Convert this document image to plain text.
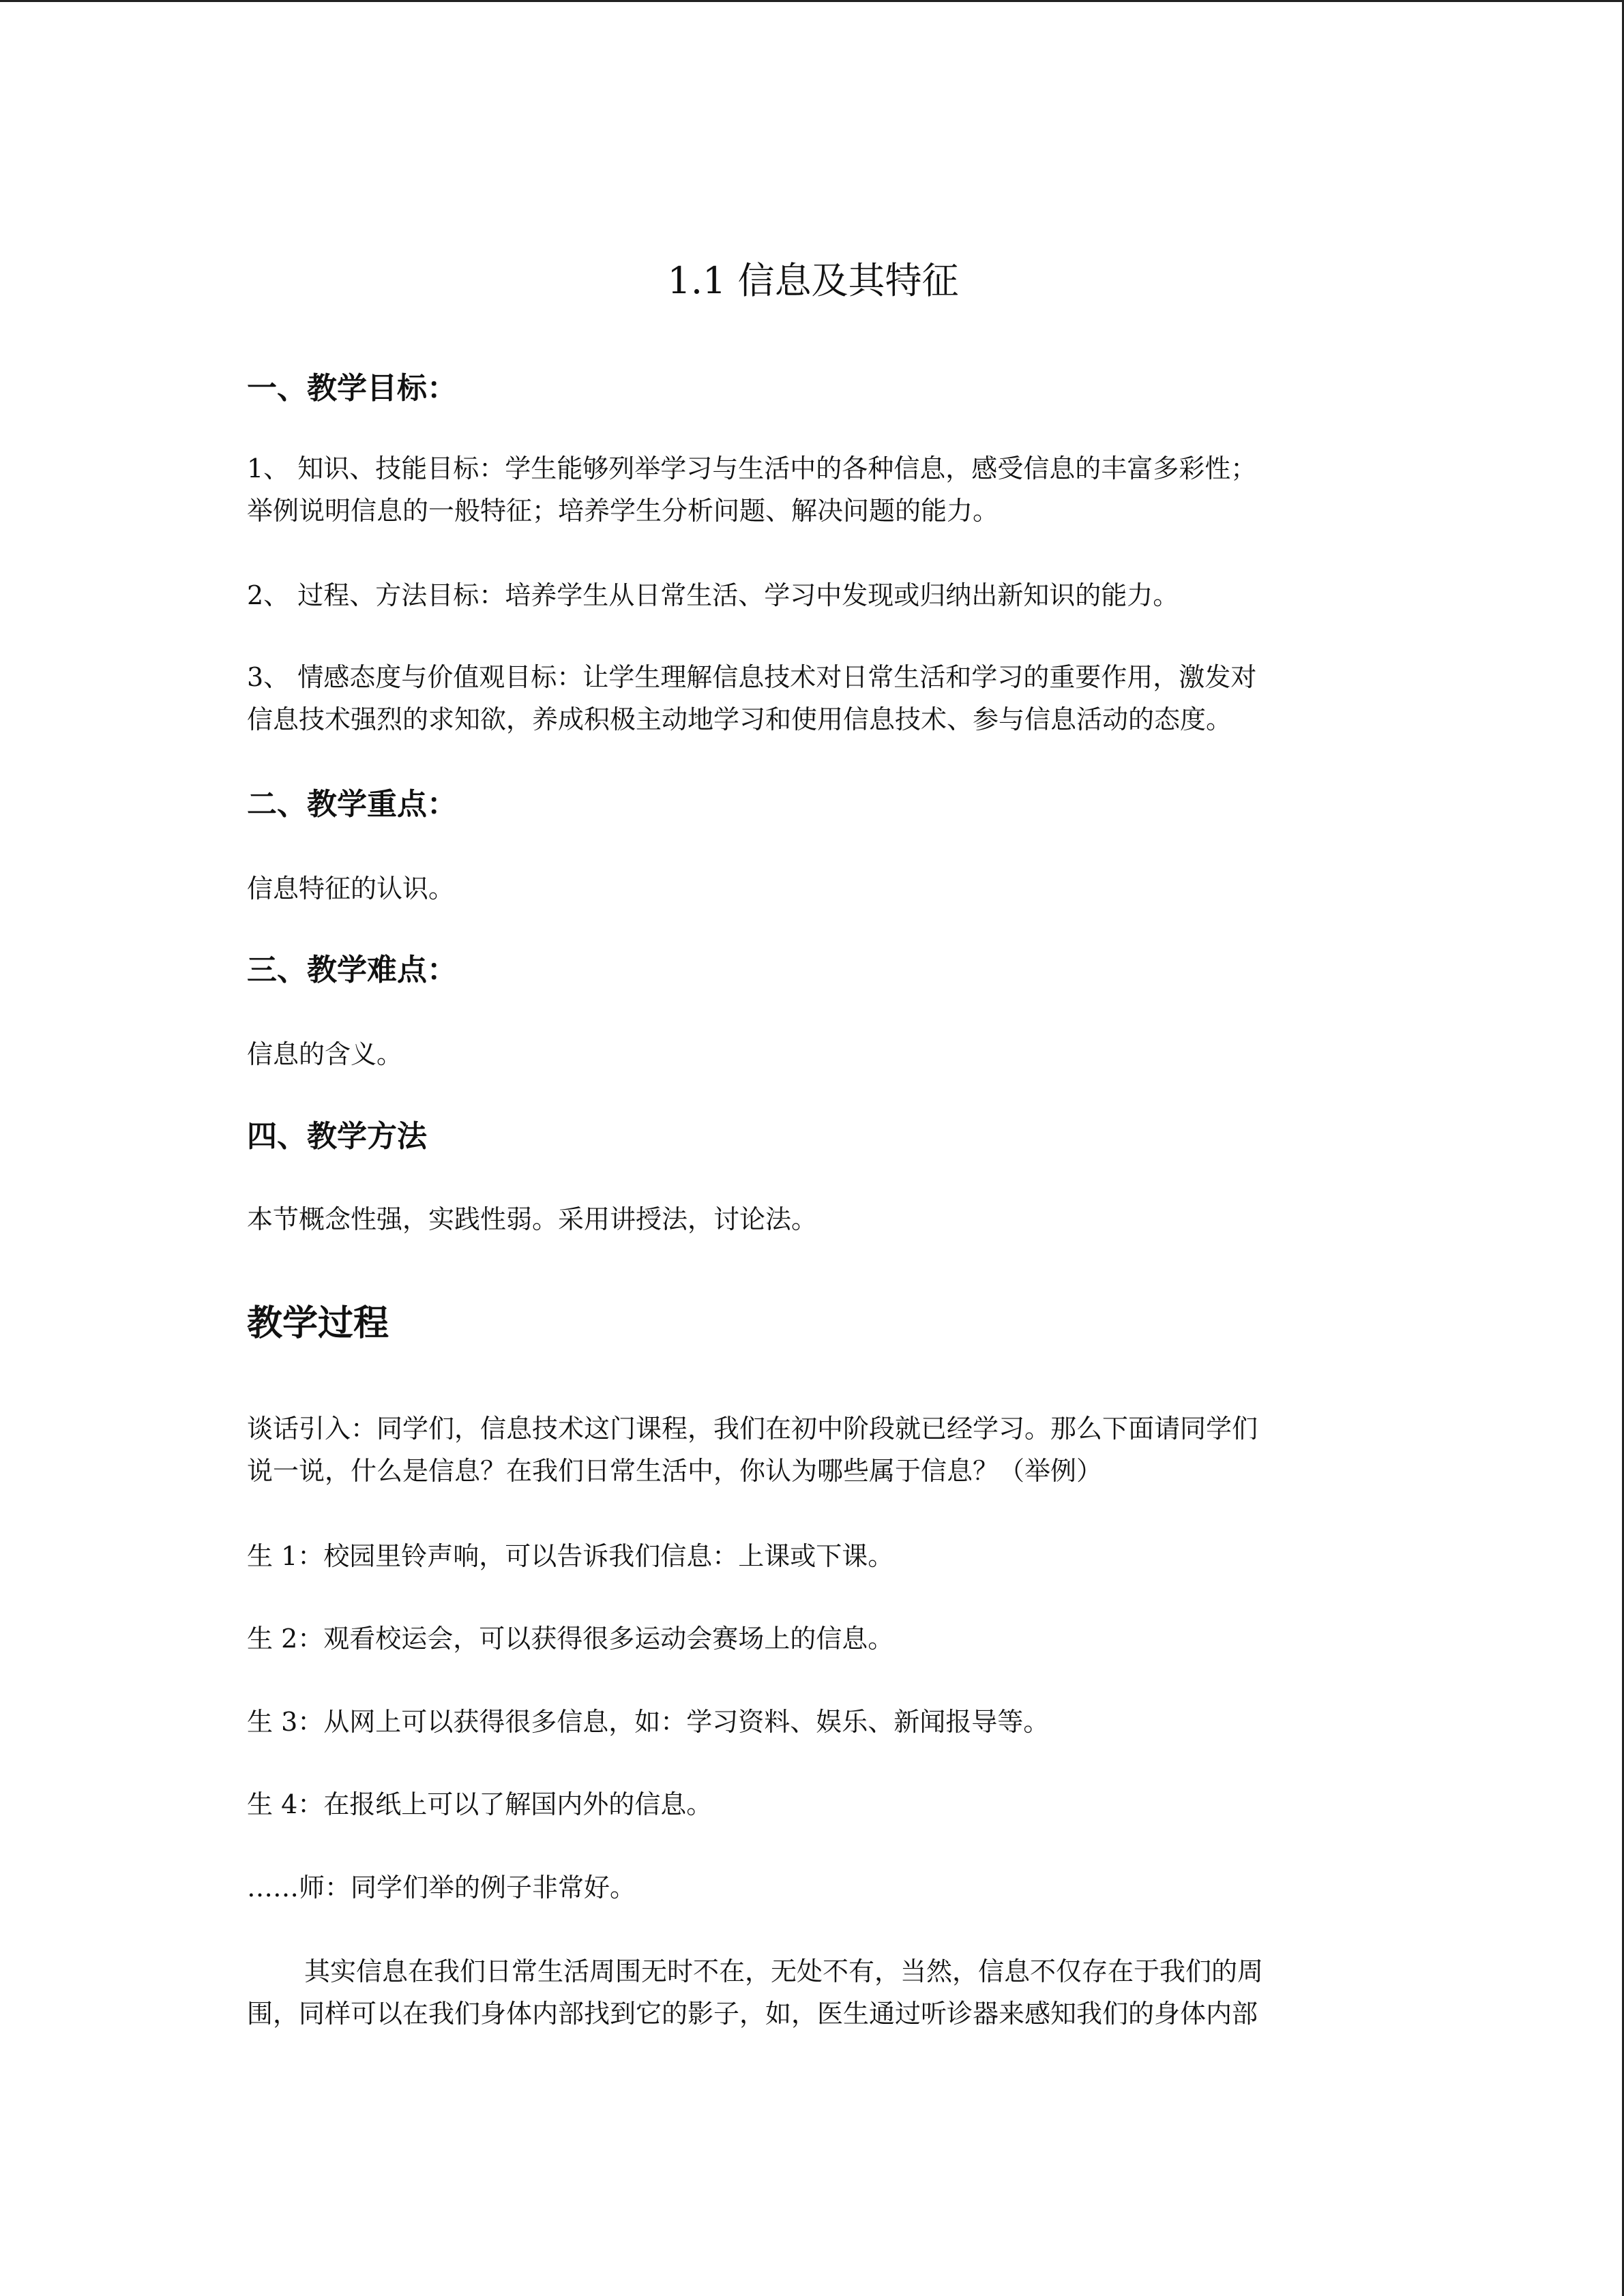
1.1 信息及其特征
一、教学目标：

1、 知识、技能目标：学生能够列举学习与生活中的各种信息，感受信息的丰富多彩性；
举例说明信息的一般特征；培养学生分析问题、解决问题的能力。

2、 过程、方法目标：培养学生从日常生活、学习中发现或归纳出新知识的能力。

3、 情感态度与价值观目标：让学生理解信息技术对日常生活和学习的重要作用，激发对
信息技术强烈的求知欲，养成积极主动地学习和使用信息技术、参与信息活动的态度。

二、教学重点：

信息特征的认识。

三、教学难点：

信息的含义。

四、教学方法

本节概念性强，实践性弱。采用讲授法，讨论法。

教学过程

谈话引入：同学们，信息技术这门课程，我们在初中阶段就已经学习。那么下面请同学们
说一说，什么是信息？在我们日常生活中，你认为哪些属于信息？（举例）

生 1：校园里铃声响，可以告诉我们信息：上课或下课。

生 2：观看校运会，可以获得很多运动会赛场上的信息。

生 3：从网上可以获得很多信息，如：学习资料、娱乐、新闻报导等。

生 4：在报纸上可以了解国内外的信息。

……师：同学们举的例子非常好。

其实信息在我们日常生活周围无时不在，无处不有，当然，信息不仅存在于我们的周
围，同样可以在我们身体内部找到它的影子，如，医生通过听诊器来感知我们的身体内部
